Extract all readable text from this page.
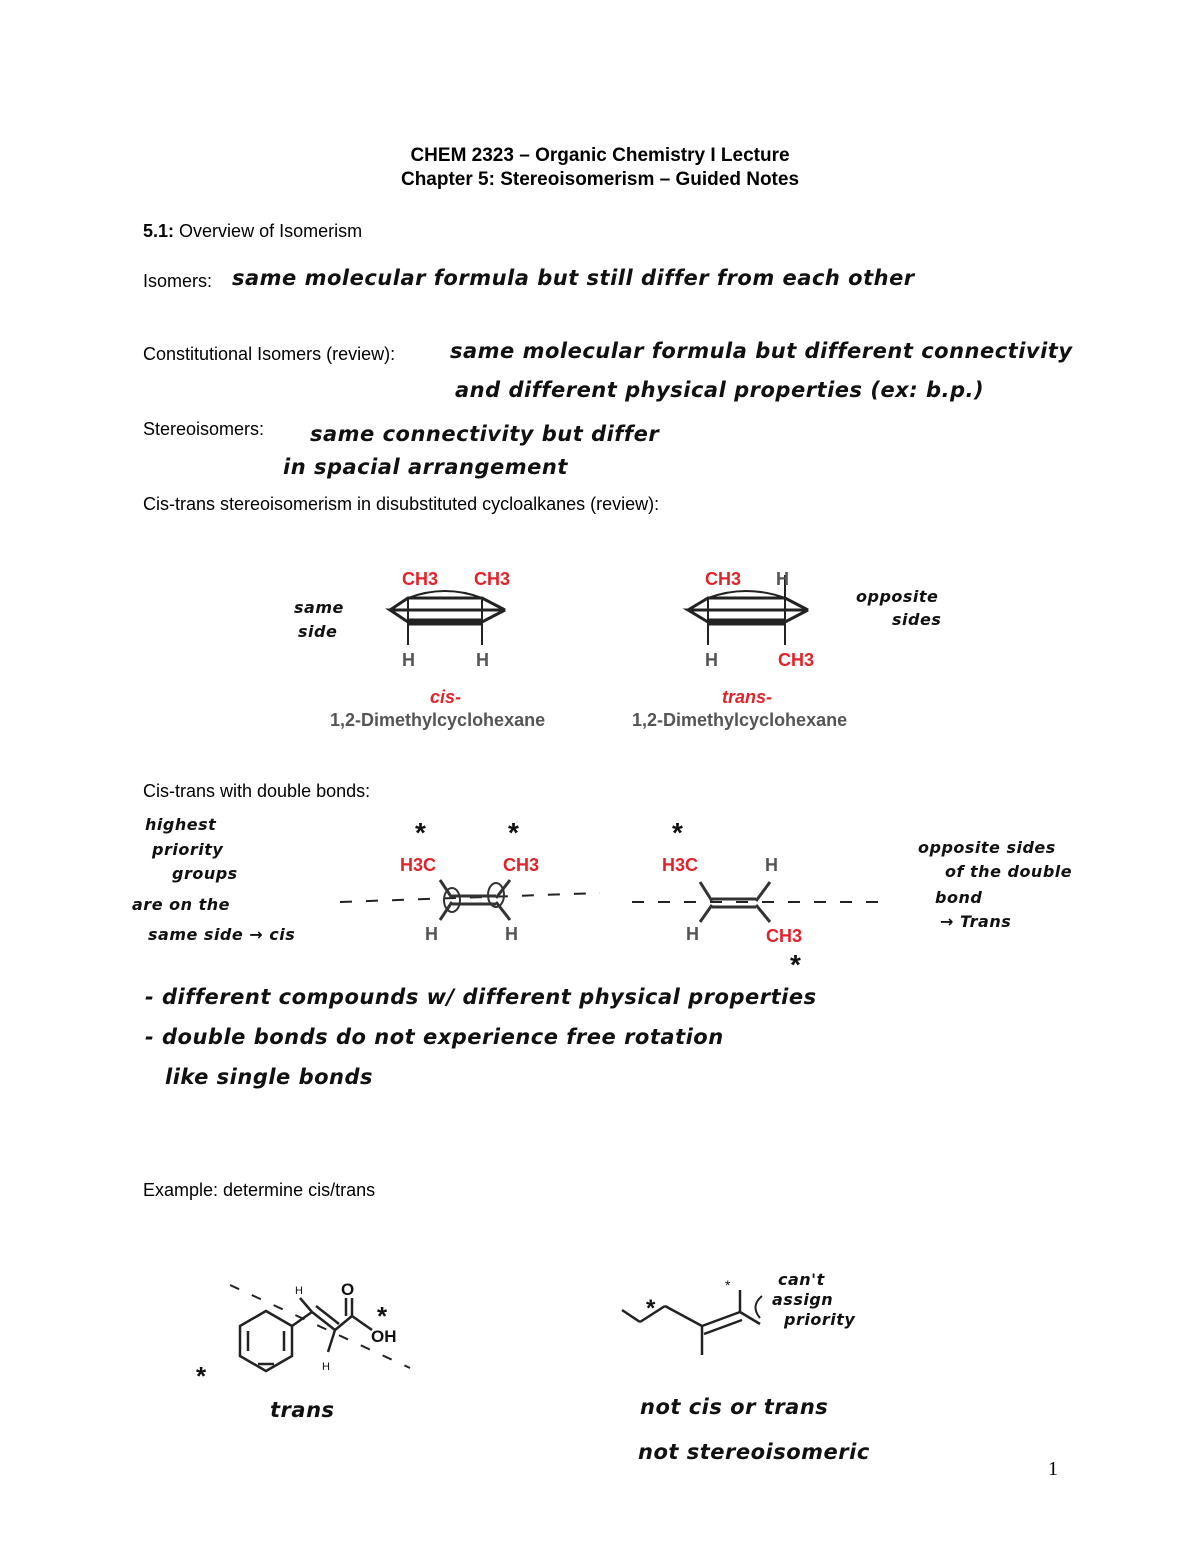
CHEM 2323 – Organic Chemistry I Lecture
Chapter 5: Stereoisomerism – Guided Notes
5.1: Overview of Isomerism
Isomers: same molecular formula but still differ from each other
Constitutional Isomers (review):	same molecular formula but different connectivity
and different physical properties (ex: b.p.)
Stereoisomers: same connectivity but differ
in spacial arrangement
Cis-trans stereoisomerism in disubstituted cycloalkanes (review):
CH3 CH3
H	H
cis-
1,2-Dimethylcyclohexane
CH3 H
H	CH3
trans-
1,2-Dimethylcyclohexane
same
side
opposite
sides
Cis-trans with double bonds:
H3C	CH3
H	H
*	*
H3C	H
H	CH3
*
*
highest
priority
groups
are on the
same side → cis
opposite sides
of the double
bond
→ Trans
- different compounds w/ different physical properties
- double bonds do not experience free rotation
like single bonds
Example: determine cis/trans
O
OH
H
H
*
*	*
*
trans
can't
assign
priority
not cis or trans
not stereoisomeric
1
